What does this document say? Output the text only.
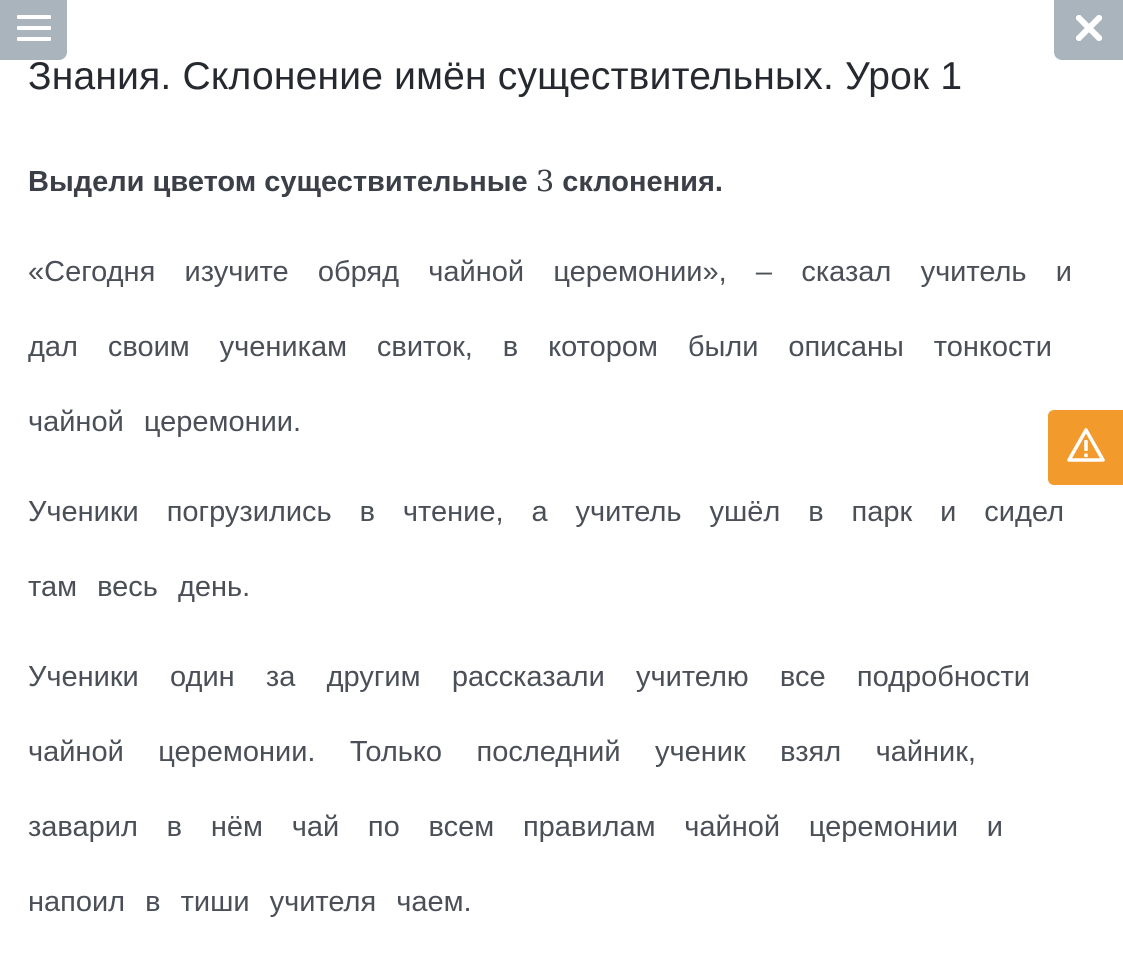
Знания. Склонение имён существительных. Урок 1

Выдели цветом существительные 3 склонения.

«Сегодня изучите обряд чайной церемонии», – сказал учитель и
дал своим ученикам свиток, в котором были описаны тонкости
чайной церемонии.
Ученики погрузились в чтение, а учитель ушёл в парк и сидел
там весь день.
Ученики один за другим рассказали учителю все подробности
чайной церемонии. Только последний ученик взял чайник,
заварил в нём чай по всем правилам чайной церемонии и
напоил в тиши учителя чаем.
